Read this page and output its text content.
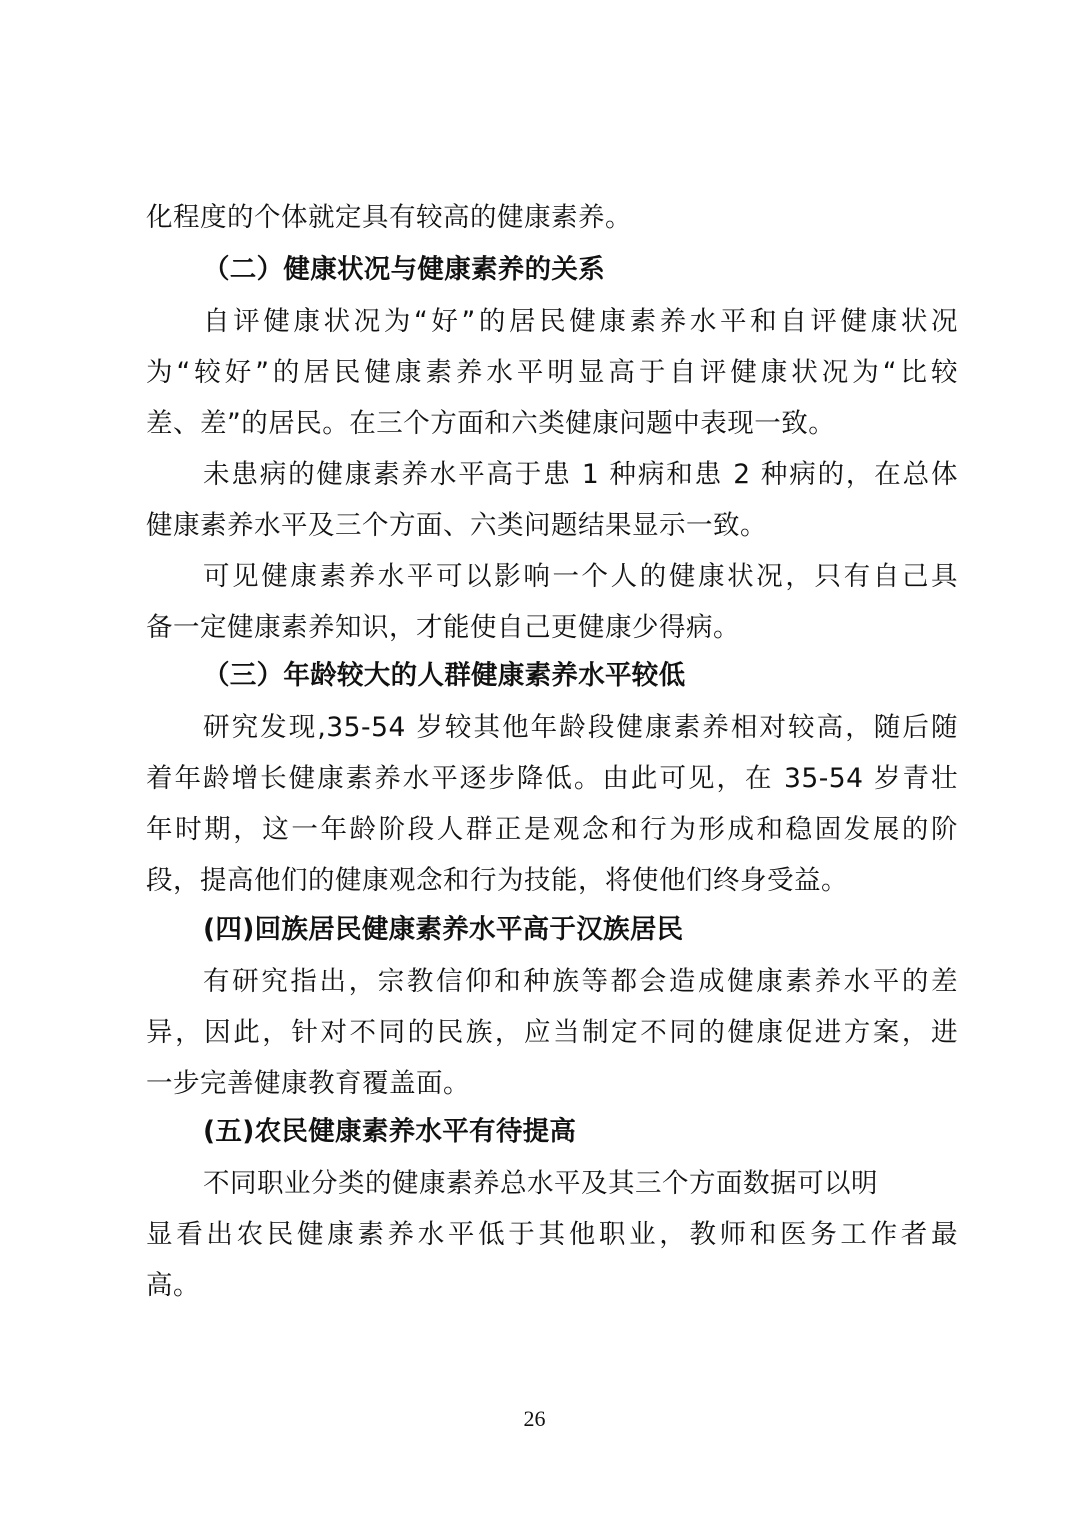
化程度的个体就定具有较高的健康素养。
（二）健康状况与健康素养的关系
自评健康状况为“好”的居民健康素养水平和自评健康状况
为“较好”的居民健康素养水平明显高于自评健康状况为“比较
差、差”的居民。在三个方面和六类健康问题中表现一致。
未患病的健康素养水平高于患 1 种病和患 2 种病的，在总体
健康素养水平及三个方面、六类问题结果显示一致。
可见健康素养水平可以影响一个人的健康状况，只有自己具
备一定健康素养知识，才能使自己更健康少得病。
（三）年龄较大的人群健康素养水平较低
研究发现,35-54 岁较其他年龄段健康素养相对较高，随后随
着年龄增长健康素养水平逐步降低。由此可见，在 35-54 岁青壮
年时期，这一年龄阶段人群正是观念和行为形成和稳固发展的阶
段，提高他们的健康观念和行为技能，将使他们终身受益。
(四)回族居民健康素养水平高于汉族居民
有研究指出，宗教信仰和种族等都会造成健康素养水平的差
异，因此，针对不同的民族，应当制定不同的健康促进方案，进
一步完善健康教育覆盖面。
(五)农民健康素养水平有待提高
不同职业分类的健康素养总水平及其三个方面数据可以明
显看出农民健康素养水平低于其他职业，教师和医务工作者最
高。
26
